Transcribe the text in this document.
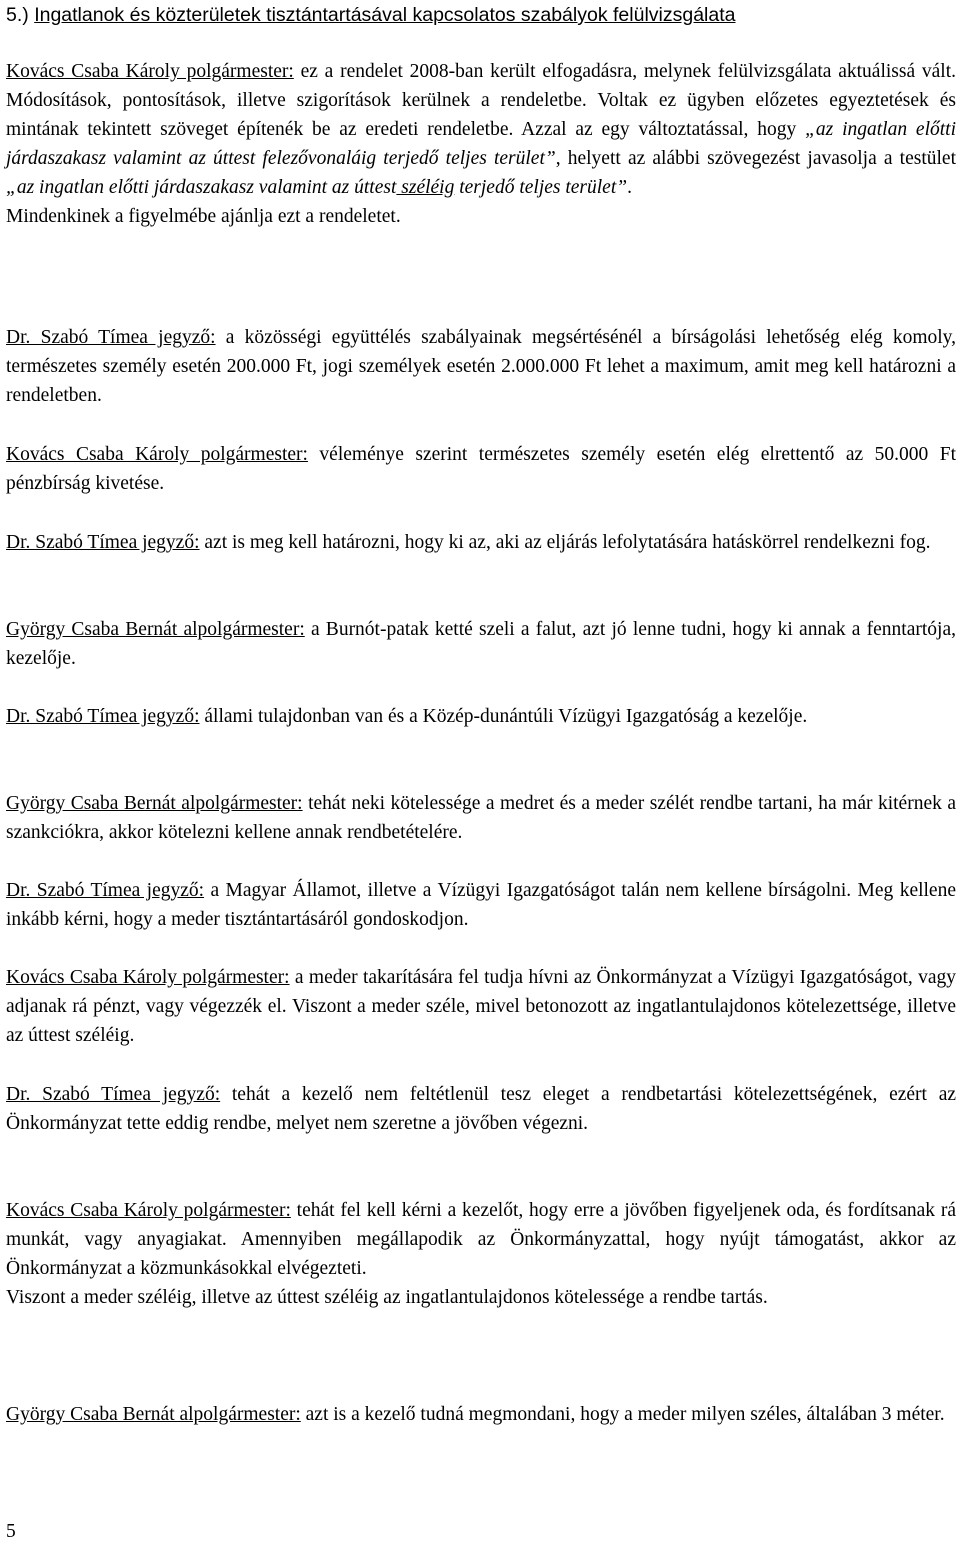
5.) Ingatlanok és közterületek tisztántartásával kapcsolatos szabályok felülvizsgálata
Kovács Csaba Károly polgármester: ez a rendelet 2008-ban került elfogadásra, melynek felülvizsgálata aktuálissá vált. Módosítások, pontosítások, illetve szigorítások kerülnek a rendeletbe. Voltak ez ügyben előzetes egyeztetések és mintának tekintett szöveget építenék be az eredeti rendeletbe. Azzal az egy változtatással, hogy „az ingatlan előtti járdaszakasz valamint az úttest felezővonaláig terjedő teljes terület”, helyett az alábbi szövegezést javasolja a testület „az ingatlan előtti járdaszakasz valamint az úttest széléig terjedő teljes terület”.
Mindenkinek a figyelmébe ajánlja ezt a rendeletet.
Dr. Szabó Tímea jegyző: a közösségi együttélés szabályainak megsértésénél a bírságolási lehetőség elég komoly, természetes személy esetén 200.000 Ft, jogi személyek esetén 2.000.000 Ft lehet a maximum, amit meg kell határozni a rendeletben.
Kovács Csaba Károly polgármester: véleménye szerint természetes személy esetén elég elrettentő az 50.000 Ft pénzbírság kivetése.
Dr. Szabó Tímea jegyző: azt is meg kell határozni, hogy ki az, aki az eljárás lefolytatására hatáskörrel rendelkezni fog.
György Csaba Bernát alpolgármester: a Burnót-patak ketté szeli a falut, azt jó lenne tudni, hogy ki annak a fenntartója, kezelője.
Dr. Szabó Tímea jegyző: állami tulajdonban van és a Közép-dunántúli Vízügyi Igazgatóság a kezelője.
György Csaba Bernát alpolgármester: tehát neki kötelessége a medret és a meder szélét rendbe tartani, ha már kitérnek a szankciókra, akkor kötelezni kellene annak rendbetételére.
Dr. Szabó Tímea jegyző: a Magyar Államot, illetve a Vízügyi Igazgatóságot talán nem kellene bírságolni. Meg kellene inkább kérni, hogy a meder tisztántartásáról gondoskodjon.
Kovács Csaba Károly polgármester: a meder takarítására fel tudja hívni az Önkormányzat a Vízügyi Igazgatóságot, vagy adjanak rá pénzt, vagy végezzék el. Viszont a meder széle, mivel betonozott az ingatlantulajdonos kötelezettsége, illetve az úttest széléig.
Dr. Szabó Tímea jegyző: tehát a kezelő nem feltétlenül tesz eleget a rendbetartási kötelezettségének, ezért az Önkormányzat tette eddig rendbe, melyet nem szeretne a jövőben végezni.
Kovács Csaba Károly polgármester: tehát fel kell kérni a kezelőt, hogy erre a jövőben figyeljenek oda, és fordítsanak rá munkát, vagy anyagiakat. Amennyiben megállapodik az Önkormányzattal, hogy nyújt támogatást, akkor az Önkormányzat a közmunkásokkal elvégezteti.
Viszont a meder széléig, illetve az úttest széléig az ingatlantulajdonos kötelessége a rendbe tartás.
György Csaba Bernát alpolgármester: azt is a kezelő tudná megmondani, hogy a meder milyen széles, általában 3 méter.
5
